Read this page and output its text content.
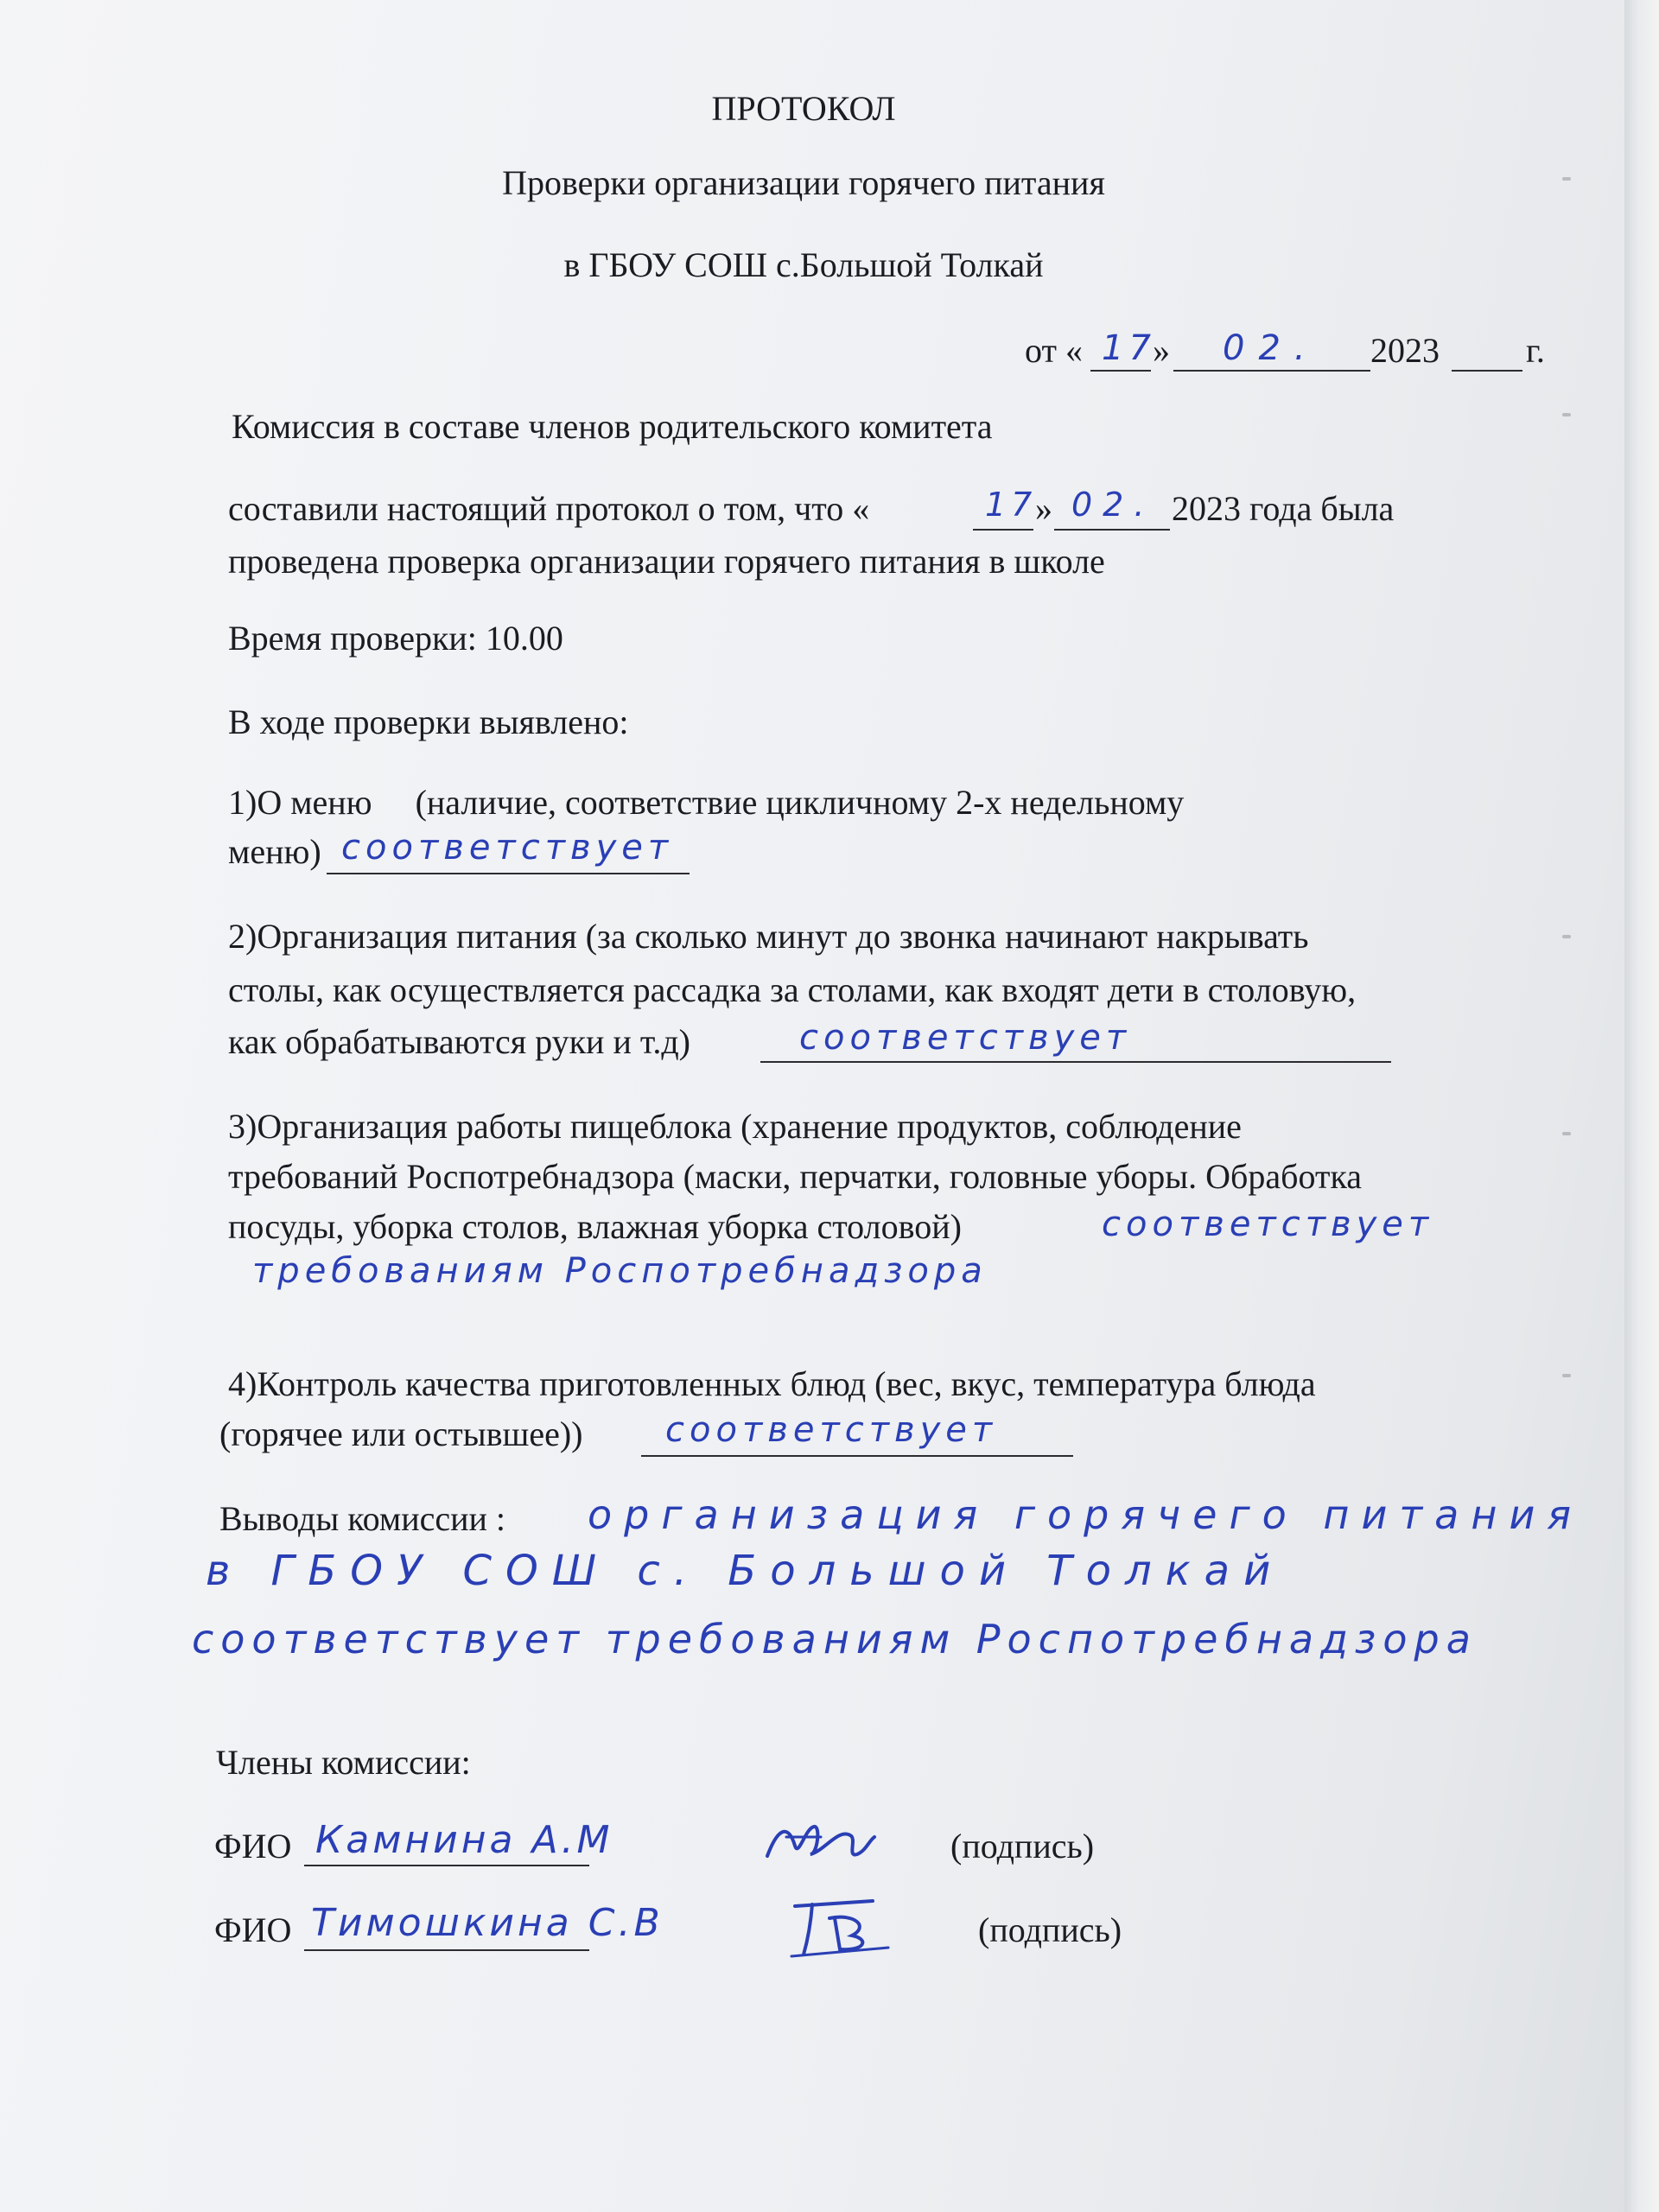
ПРОТОКОЛ
Проверки организации горячего питания
в ГБОУ СОШ с.Большой Толкай
от « 17
» 02. 2023	г.
Комиссия в составе членов родительского комитета
составили настоящий протокол о том, что «	17
» 02. 2023 года была
проведена проверка организации горячего питания в школе
Время проверки: 10.00
В ходе проверки выявлено:
1)О меню     (наличие, соответствие цикличному 2-х недельному
меню) соответствует
2)Организация питания (за сколько минут до звонка начинают накрывать
столы, как осуществляется рассадка за столами, как входят дети в столовую,
как обрабатываются руки и т.д)	соответствует
3)Организация работы пищеблока (хранение продуктов, соблюдение
требований Роспотребнадзора (маски, перчатки, головные уборы. Обработка
посуды, уборка столов, влажная уборка столовой)	соответствует
требованиям Роспотребнадзора
4)Контроль качества приготовленных блюд (вес, вкус, температура блюда
(горячее или остывшее)) соответствует
Выводы комиссии : организация горячего питания
в ГБОУ СОШ с. Большой Толкай
соответствует требованиям Роспотребнадзора
Члены комиссии:
ФИО Камнина А.М	(подпись)
ФИО Тимошкина С.В	(подпись)
